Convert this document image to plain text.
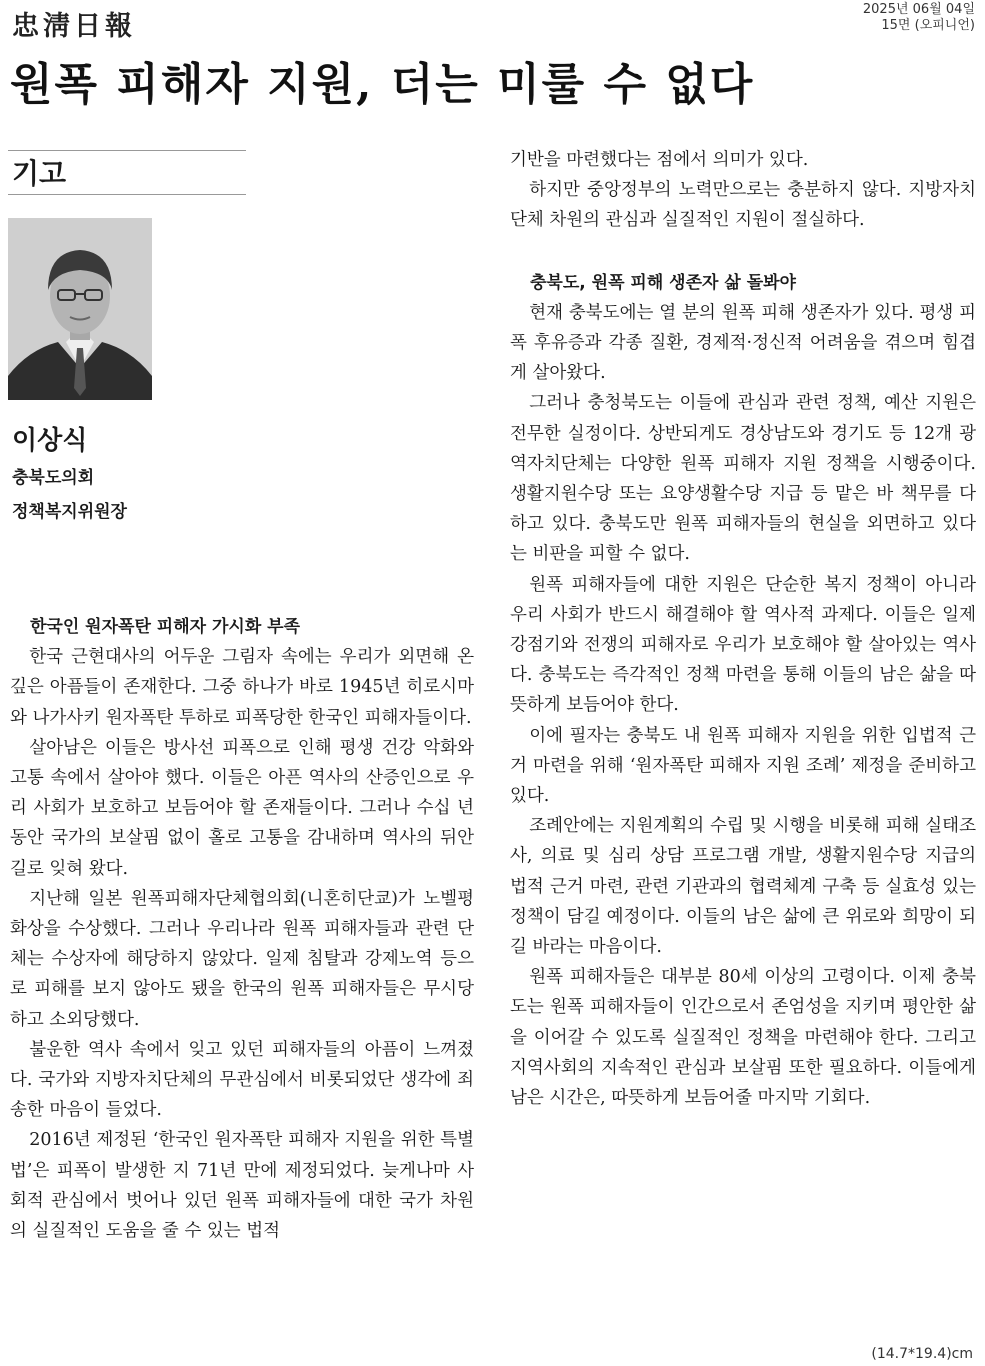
忠淸日報
2025년 06월 04일
15면 (오피니언)
원폭 피해자 지원, 더는 미룰 수 없다
기고
이상식
충북도의회
정책복지위원장

한국인 원자폭탄 피해자 가시화 부족

한국 근현대사의 어두운 그림자 속에는 우리가 외면해 온 깊은 아픔들이 존재한다. 그중 하나가 바로 1945년 히로시마와 나가사키 원자폭탄 투하로 피폭당한 한국인 피해자들이다.

살아남은 이들은 방사선 피폭으로 인해 평생 건강 악화와 고통 속에서 살아야 했다. 이들은 아픈 역사의 산증인으로 우리 사회가 보호하고 보듬어야 할 존재들이다. 그러나 수십 년 동안 국가의 보살핌 없이 홀로 고통을 감내하며 역사의 뒤안길로 잊혀 왔다.

지난해 일본 원폭피해자단체협의회(니혼히단쿄)가 노벨평화상을 수상했다. 그러나 우리나라 원폭 피해자들과 관련 단체는 수상자에 해당하지 않았다. 일제 침탈과 강제노역 등으로 피해를 보지 않아도 됐을 한국의 원폭 피해자들은 무시당하고 소외당했다.

불운한 역사 속에서 잊고 있던 피해자들의 아픔이 느껴졌다. 국가와 지방자치단체의 무관심에서 비롯되었단 생각에 죄송한 마음이 들었다.

2016년 제정된 ‘한국인 원자폭탄 피해자 지원을 위한 특별법’은 피폭이 발생한 지 71년 만에 제정되었다. 늦게나마 사회적 관심에서 벗어나 있던 원폭 피해자들에 대한 국가 차원의 실질적인 도움을 줄 수 있는 법적

기반을 마련했다는 점에서 의미가 있다.

하지만 중앙정부의 노력만으로는 충분하지 않다. 지방자치단체 차원의 관심과 실질적인 지원이 절실하다.

충북도, 원폭 피해 생존자 삶 돌봐야

현재 충북도에는 열 분의 원폭 피해 생존자가 있다. 평생 피폭 후유증과 각종 질환, 경제적·정신적 어려움을 겪으며 힘겹게 살아왔다.

그러나 충청북도는 이들에 관심과 관련 정책, 예산 지원은 전무한 실정이다. 상반되게도 경상남도와 경기도 등 12개 광역자치단체는 다양한 원폭 피해자 지원 정책을 시행중이다. 생활지원수당 또는 요양생활수당 지급 등 맡은 바 책무를 다하고 있다. 충북도만 원폭 피해자들의 현실을 외면하고 있다는 비판을 피할 수 없다.

원폭 피해자들에 대한 지원은 단순한 복지 정책이 아니라 우리 사회가 반드시 해결해야 할 역사적 과제다. 이들은 일제 강점기와 전쟁의 피해자로 우리가 보호해야 할 살아있는 역사다. 충북도는 즉각적인 정책 마련을 통해 이들의 남은 삶을 따뜻하게 보듬어야 한다.

이에 필자는 충북도 내 원폭 피해자 지원을 위한 입법적 근거 마련을 위해 ‘원자폭탄 피해자 지원 조례’ 제정을 준비하고 있다.

조례안에는 지원계획의 수립 및 시행을 비롯해 피해 실태조사, 의료 및 심리 상담 프로그램 개발, 생활지원수당 지급의 법적 근거 마련, 관련 기관과의 협력체계 구축 등 실효성 있는 정책이 담길 예정이다. 이들의 남은 삶에 큰 위로와 희망이 되길 바라는 마음이다.

원폭 피해자들은 대부분 80세 이상의 고령이다. 이제 충북도는 원폭 피해자들이 인간으로서 존엄성을 지키며 평안한 삶을 이어갈 수 있도록 실질적인 정책을 마련해야 한다. 그리고 지역사회의 지속적인 관심과 보살핌 또한 필요하다. 이들에게 남은 시간은, 따뜻하게 보듬어줄 마지막 기회다.

(14.7*19.4)cm
